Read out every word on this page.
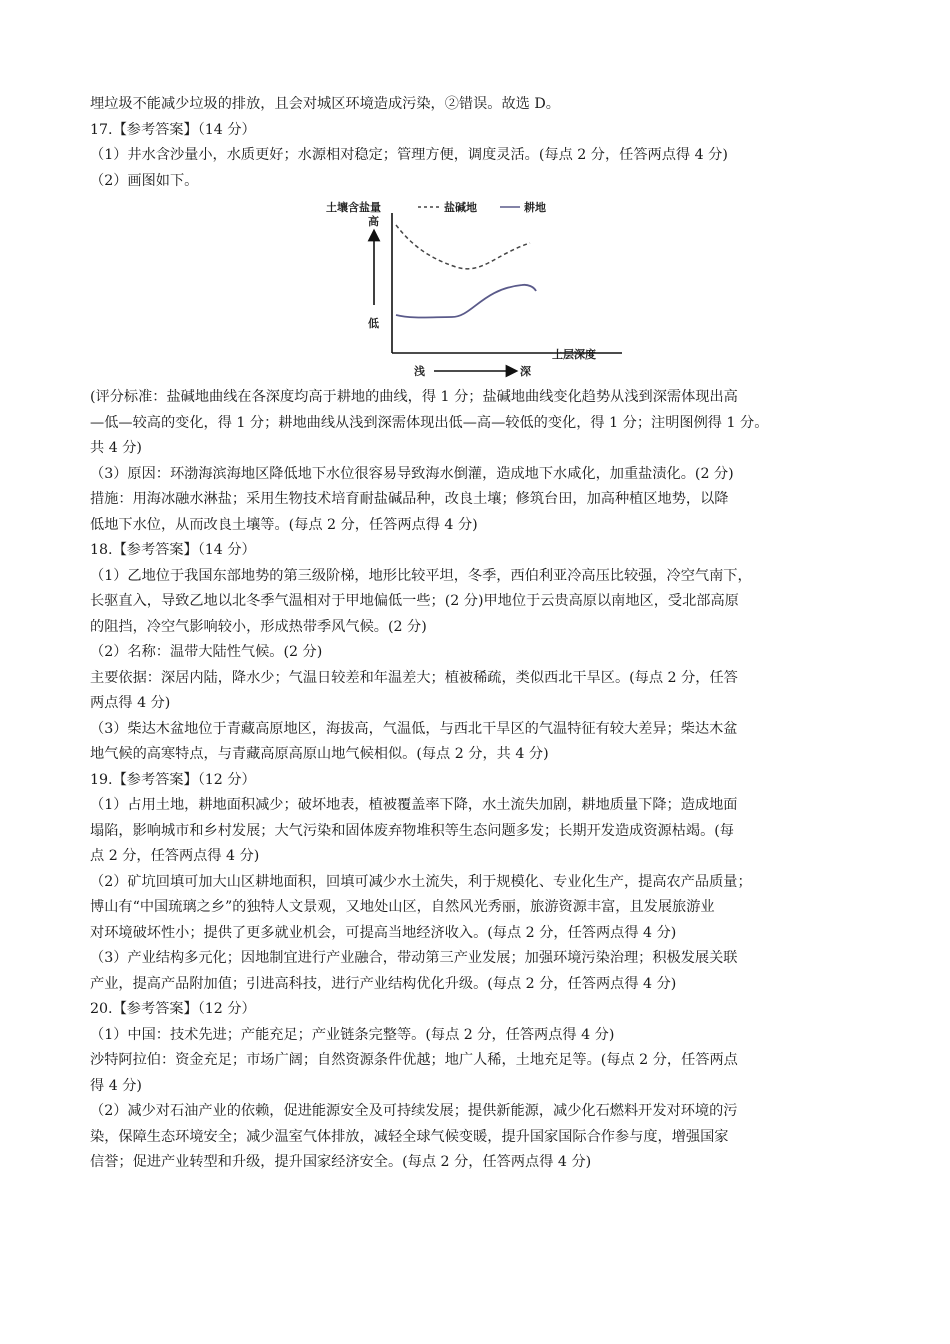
埋垃圾不能减少垃圾的排放，且会对城区环境造成污染，②错误。故选 D。
17.【参考答案】（14 分）
（1）井水含沙量小，水质更好；水源相对稳定；管理方便，调度灵活。(每点 2 分，任答两点得 4 分)
（2）画图如下。
土壤含盐量	盐碱地	耕地
高
低
土层深度
浅	深
(评分标准：盐碱地曲线在各深度均高于耕地的曲线，得 1 分；盐碱地曲线变化趋势从浅到深需体现出高
—低—较高的变化，得 1 分；耕地曲线从浅到深需体现出低—高—较低的变化，得 1 分；注明图例得 1 分。
共 4 分)
（3）原因：环渤海滨海地区降低地下水位很容易导致海水倒灌，造成地下水咸化，加重盐渍化。(2 分)
措施：用海冰融水淋盐；采用生物技术培育耐盐碱品种，改良土壤；修筑台田，加高种植区地势，以降
低地下水位，从而改良土壤等。(每点 2 分，任答两点得 4 分)
18.【参考答案】（14 分）
（1）乙地位于我国东部地势的第三级阶梯，地形比较平坦，冬季，西伯利亚冷高压比较强，冷空气南下，
长驱直入，导致乙地以北冬季气温相对于甲地偏低一些；(2 分)甲地位于云贵高原以南地区，受北部高原
的阻挡，冷空气影响较小，形成热带季风气候。(2 分)
（2）名称：温带大陆性气候。(2 分)
主要依据：深居内陆，降水少；气温日较差和年温差大；植被稀疏，类似西北干旱区。(每点 2 分，任答
两点得 4 分)
（3）柴达木盆地位于青藏高原地区，海拔高，气温低，与西北干旱区的气温特征有较大差异；柴达木盆
地气候的高寒特点，与青藏高原高原山地气候相似。(每点 2 分，共 4 分)
19.【参考答案】（12 分）
（1）占用土地，耕地面积减少；破坏地表，植被覆盖率下降，水土流失加剧，耕地质量下降；造成地面
塌陷，影响城市和乡村发展；大气污染和固体废弃物堆积等生态问题多发；长期开发造成资源枯竭。(每
点 2 分，任答两点得 4 分)
（2）矿坑回填可加大山区耕地面积，回填可减少水土流失，利于规模化、专业化生产，提高农产品质量；
博山有“中国琉璃之乡”的独特人文景观，又地处山区，自然风光秀丽，旅游资源丰富，且发展旅游业
对环境破坏性小；提供了更多就业机会，可提高当地经济收入。(每点 2 分，任答两点得 4 分)
（3）产业结构多元化；因地制宜进行产业融合，带动第三产业发展；加强环境污染治理；积极发展关联
产业，提高产品附加值；引进高科技，进行产业结构优化升级。(每点 2 分，任答两点得 4 分)
20.【参考答案】（12 分）
（1）中国：技术先进；产能充足；产业链条完整等。(每点 2 分，任答两点得 4 分)
沙特阿拉伯：资金充足；市场广阔；自然资源条件优越；地广人稀，土地充足等。(每点 2 分，任答两点
得 4 分)
（2）减少对石油产业的依赖，促进能源安全及可持续发展；提供新能源，减少化石燃料开发对环境的污
染，保障生态环境安全；减少温室气体排放，减轻全球气候变暖，提升国家国际合作参与度，增强国家
信誉；促进产业转型和升级，提升国家经济安全。(每点 2 分，任答两点得 4 分)
